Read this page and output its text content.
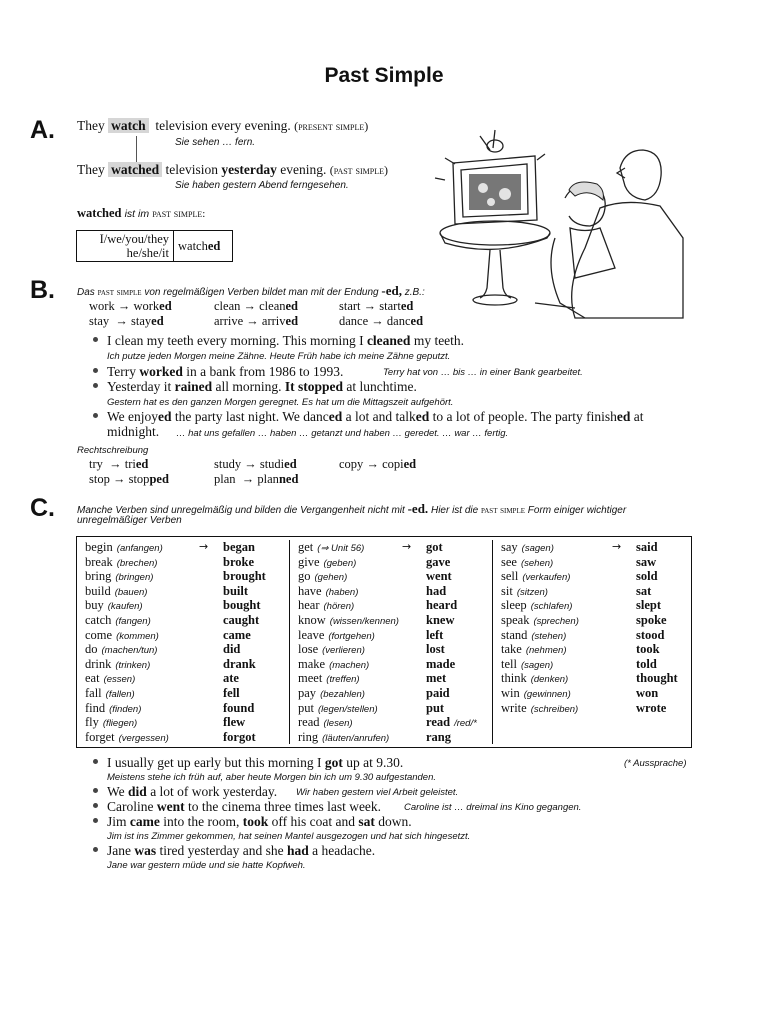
Past Simple
A. They watch television every evening. (present simple)
Sie sehen … fern.
They watched television yesterday evening. (past simple)
Sie haben gestern Abend ferngesehen.
watched ist im past simple:
I/we/you/they
he/she/it
	watched
B. Das past simple von regelmäßigen Verben bildet man mit der Endung -ed, z.B.:
work → worked	clean → cleaned	start → started
stay  → stayed	arrive → arrived	dance → danced
I clean my teeth every morning. This morning I cleaned my teeth.
Ich putze jeden Morgen meine Zähne. Heute Früh habe ich meine Zähne geputzt.
Terry worked in a bank from 1986 to 1993.	Terry hat von … bis … in einer Bank gearbeitet.
Yesterday it rained all morning. It stopped at lunchtime.
Gestern hat es den ganzen Morgen geregnet. Es hat um die Mittagszeit aufgehört.
We enjoyed the party last night. We danced a lot and talked to a lot of people. The party finished at
midnight. … hat uns gefallen … haben … getanzt und haben … geredet. … war … fertig.
Rechtschreibung
try  → tried	study → studied	copy → copied
stop → stopped	plan  → planned
C. Manche Verben sind unregelmäßig und bilden die Vergangenheit nicht mit -ed. Hier ist die past simple Form einiger wichtiger
unregelmäßiger Verben
begin (anfangen)	→ began
break (brechen)	broke
bring (bringen)	brought
build (bauen)	built
buy (kaufen)	bought
catch (fangen)	caught
come (kommen)	came
do (machen/tun)	did
drink (trinken)	drank
eat (essen)	ate
fall (fallen)	fell
find (finden)	found
fly (fliegen)	flew
forget (vergessen)	forgot
get (⇒ Unit 56)	→ got
give (geben)	gave
go (gehen)	went
have (haben)	had
hear (hören)	heard
know (wissen/kennen) knew
leave (fortgehen)	left
lose (verlieren)	lost
make (machen)	made
meet (treffen)	met
pay (bezahlen)	paid
put (legen/stellen)	put
read (lesen)	read /red/*
ring (läuten/anrufen)	rang
say (sagen)	→ said
see (sehen)	saw
sell (verkaufen)	sold
sit (sitzen)	sat
sleep (schlafen)	slept
speak (sprechen)	spoke
stand (stehen)	stood
take (nehmen)	took
tell (sagen)	told
think (denken)	thought
win (gewinnen)	won
write (schreiben)	wrote
(* Aussprache)
I usually get up early but this morning I got up at 9.30.
Meistens stehe ich früh auf, aber heute Morgen bin ich um 9.30 aufgestanden.
We did a lot of work yesterday. Wir haben gestern viel Arbeit geleistet.
Caroline went to the cinema three times last week. Caroline ist … dreimal ins Kino gegangen.
Jim came into the room, took off his coat and sat down.
Jim ist ins Zimmer gekommen, hat seinen Mantel ausgezogen und hat sich hingesetzt.
Jane was tired yesterday and she had a headache.
Jane war gestern müde und sie hatte Kopfweh.
